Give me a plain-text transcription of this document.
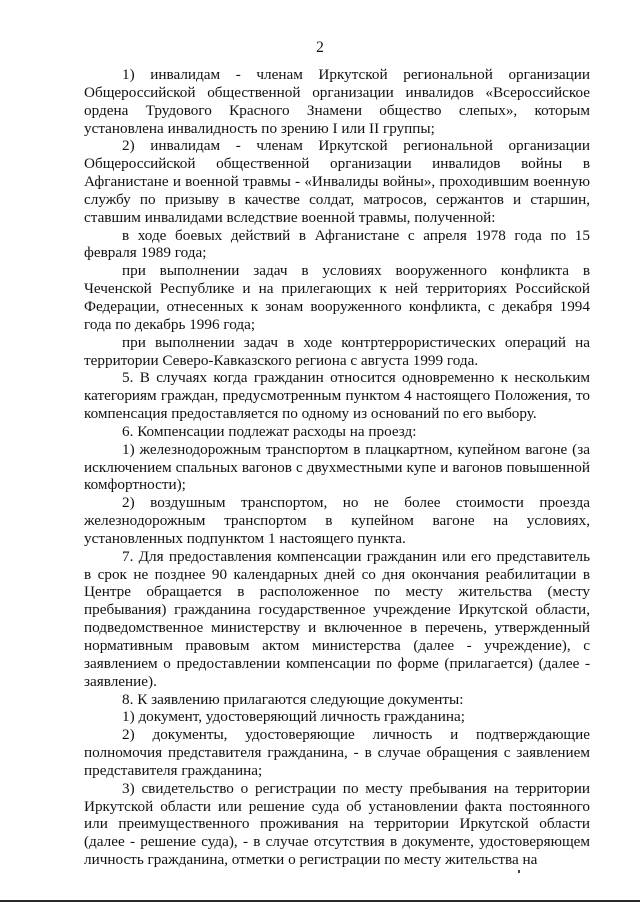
2

1) инвалидам - членам Иркутской региональной организации Общероссийской общественной организации инвалидов «Всероссийское ордена Трудового Красного Знамени общество слепых», которым установлена инвалидность по зрению I или II группы;

2) инвалидам - членам Иркутской региональной организации Общероссийской общественной организации инвалидов войны в Афганистане и военной травмы - «Инвалиды войны», проходившим военную службу по призыву в качестве солдат, матросов, сержантов и старшин, ставшим инвалидами вследствие военной травмы, полученной:

в ходе боевых действий в Афганистане с апреля 1978 года по 15 февраля 1989 года;

при выполнении задач в условиях вооруженного конфликта в Чеченской Республике и на прилегающих к ней территориях Российской Федерации, отнесенных к зонам вооруженного конфликта, с декабря 1994 года по декабрь 1996 года;

при выполнении задач в ходе контртеррористических операций на территории Северо-Кавказского региона с августа 1999 года.

5. В случаях когда гражданин относится одновременно к нескольким категориям граждан, предусмотренным пунктом 4 настоящего Положения, то компенсация предоставляется по одному из оснований по его выбору.

6. Компенсации подлежат расходы на проезд:

1) железнодорожным транспортом в плацкартном, купейном вагоне (за исключением спальных вагонов с двухместными купе и вагонов повышенной комфортности);

2) воздушным транспортом, но не более стоимости проезда железнодорожным транспортом в купейном вагоне на условиях, установленных подпунктом 1 настоящего пункта.

7. Для предоставления компенсации гражданин или его представитель в срок не позднее 90 календарных дней со дня окончания реабилитации в Центре обращается в расположенное по месту жительства (месту пребывания) гражданина государственное учреждение Иркутской области, подведомственное министерству и включенное в перечень, утвержденный нормативным правовым актом министерства (далее - учреждение), с заявлением о предоставлении компенсации по форме (прилагается) (далее - заявление).

8. К заявлению прилагаются следующие документы:

1) документ, удостоверяющий личность гражданина;

2) документы, удостоверяющие личность и подтверждающие полномочия представителя гражданина, - в случае обращения с заявлением представителя гражданина;

3) свидетельство о регистрации по месту пребывания на территории Иркутской области или решение суда об установлении факта постоянного или преимущественного проживания на территории Иркутской области (далее - решение суда), - в случае отсутствия в документе, удостоверяющем личность гражданина, отметки о регистрации по месту жительства на
